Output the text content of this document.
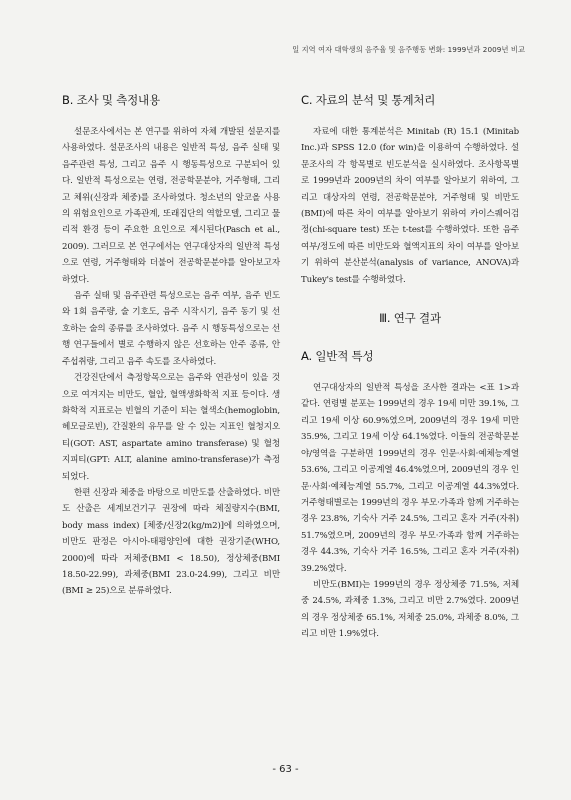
일 지역 여자 대학생의 음주율 및 음주행동 변화: 1999년과 2009년 비교
B. 조사 및 측정내용

설문조사에서는 본 연구를 위하여 자체 개발된 설문지를 사용하였다. 설문조사의 내용은 일반적 특성, 음주 실태 및 음주관련 특성, 그리고 음주 시 행동특성으로 구분되어 있다. 일반적 특성으로는 연령, 전공학문분야, 거주형태, 그리고 체위(신장과 체중)를 조사하였다. 청소년의 알코올 사용의 위험요인으로 가족관계, 또래집단의 역할모델, 그리고 물리적 환경 등이 주요한 요인으로 제시된다(Pasch et al., 2009). 그러므로 본 연구에서는 연구대상자의 일반적 특성으로 연령, 거주형태와 더불어 전공학문분야를 알아보고자 하였다.

음주 실태 및 음주관련 특성으로는 음주 여부, 음주 빈도와 1회 음주량, 술 기호도, 음주 시작시기, 음주 동기 및 선호하는 술의 종류를 조사하였다. 음주 시 행동특성으로는 선행 연구들에서 별로 수행하지 않은 선호하는 안주 종류, 안주섭취량, 그리고 음주 속도를 조사하였다.

건강진단에서 측정항목으로는 음주와 연관성이 있을 것으로 여겨지는 비만도, 혈압, 혈액생화학적 지표 등이다. 생화학적 지표로는 빈혈의 기준이 되는 혈색소(hemoglobin, 헤모글로빈), 간질환의 유무를 알 수 있는 지표인 혈청지오티(GOT: AST, aspartate amino transferase) 및 혈청 지피티(GPT: ALT, alanine amino-transferase)가 측정되었다.

한편 신장과 체중을 바탕으로 비만도를 산출하였다. 비만도 산출은 세계보건기구 권장에 따라 체질량지수(BMI, body mass index) [체중/신장2(kg/m2)]에 의하였으며, 비만도 판정은 아시아-태평양인에 대한 권장기준(WHO, 2000)에 따라 저체중(BMI < 18.50), 정상체중(BMI 18.50-22.99), 과체중(BMI 23.0-24.99), 그리고 비만(BMI ≥ 25)으로 분류하였다.

C. 자료의 분석 및 통계처리

자료에 대한 통계분석은 Minitab (R) 15.1 (Minitab Inc.)과 SPSS 12.0 (for win)을 이용하여 수행하였다. 설문조사의 각 항목별로 빈도분석을 실시하였다. 조사항목별로 1999년과 2009년의 차이 여부를 알아보기 위하여, 그리고 대상자의 연령, 전공학문분야, 거주형태 및 비만도(BMI)에 따른 차이 여부를 알아보기 위하여 카이스퀘어검정(chi-square test) 또는 t-test를 수행하였다. 또한 음주 여부/정도에 따른 비만도와 혈액지표의 차이 여부를 알아보기 위하여 분산분석(analysis of variance, ANOVA)과 Tukey's test를 수행하였다.

Ⅲ. 연구 결과
A. 일반적 특성

연구대상자의 일반적 특성을 조사한 결과는 <표 1>과 같다. 연령별 분포는 1999년의 경우 19세 미만 39.1%, 그리고 19세 이상 60.9%였으며, 2009년의 경우 19세 미만 35.9%, 그리고 19세 이상 64.1%였다. 이들의 전공학문분야/영역을 구분하면 1999년의 경우 인문·사회·예체능계열 53.6%, 그리고 이공계열 46.4%였으며, 2009년의 경우 인문·사회·예체능계열 55.7%, 그리고 이공계열 44.3%였다. 거주형태별로는 1999년의 경우 부모·가족과 함께 거주하는 경우 23.8%, 기숙사 거주 24.5%, 그리고 혼자 거주(자취) 51.7%였으며, 2009년의 경우 부모·가족과 함께 거주하는 경우 44.3%, 기숙사 거주 16.5%, 그리고 혼자 거주(자취) 39.2%였다.

비만도(BMI)는 1999년의 경우 정상체중 71.5%, 저체중 24.5%, 과체중 1.3%, 그리고 비만 2.7%였다. 2009년의 경우 정상체중 65.1%, 저체중 25.0%, 과체중 8.0%, 그리고 비만 1.9%였다.

- 63 -
